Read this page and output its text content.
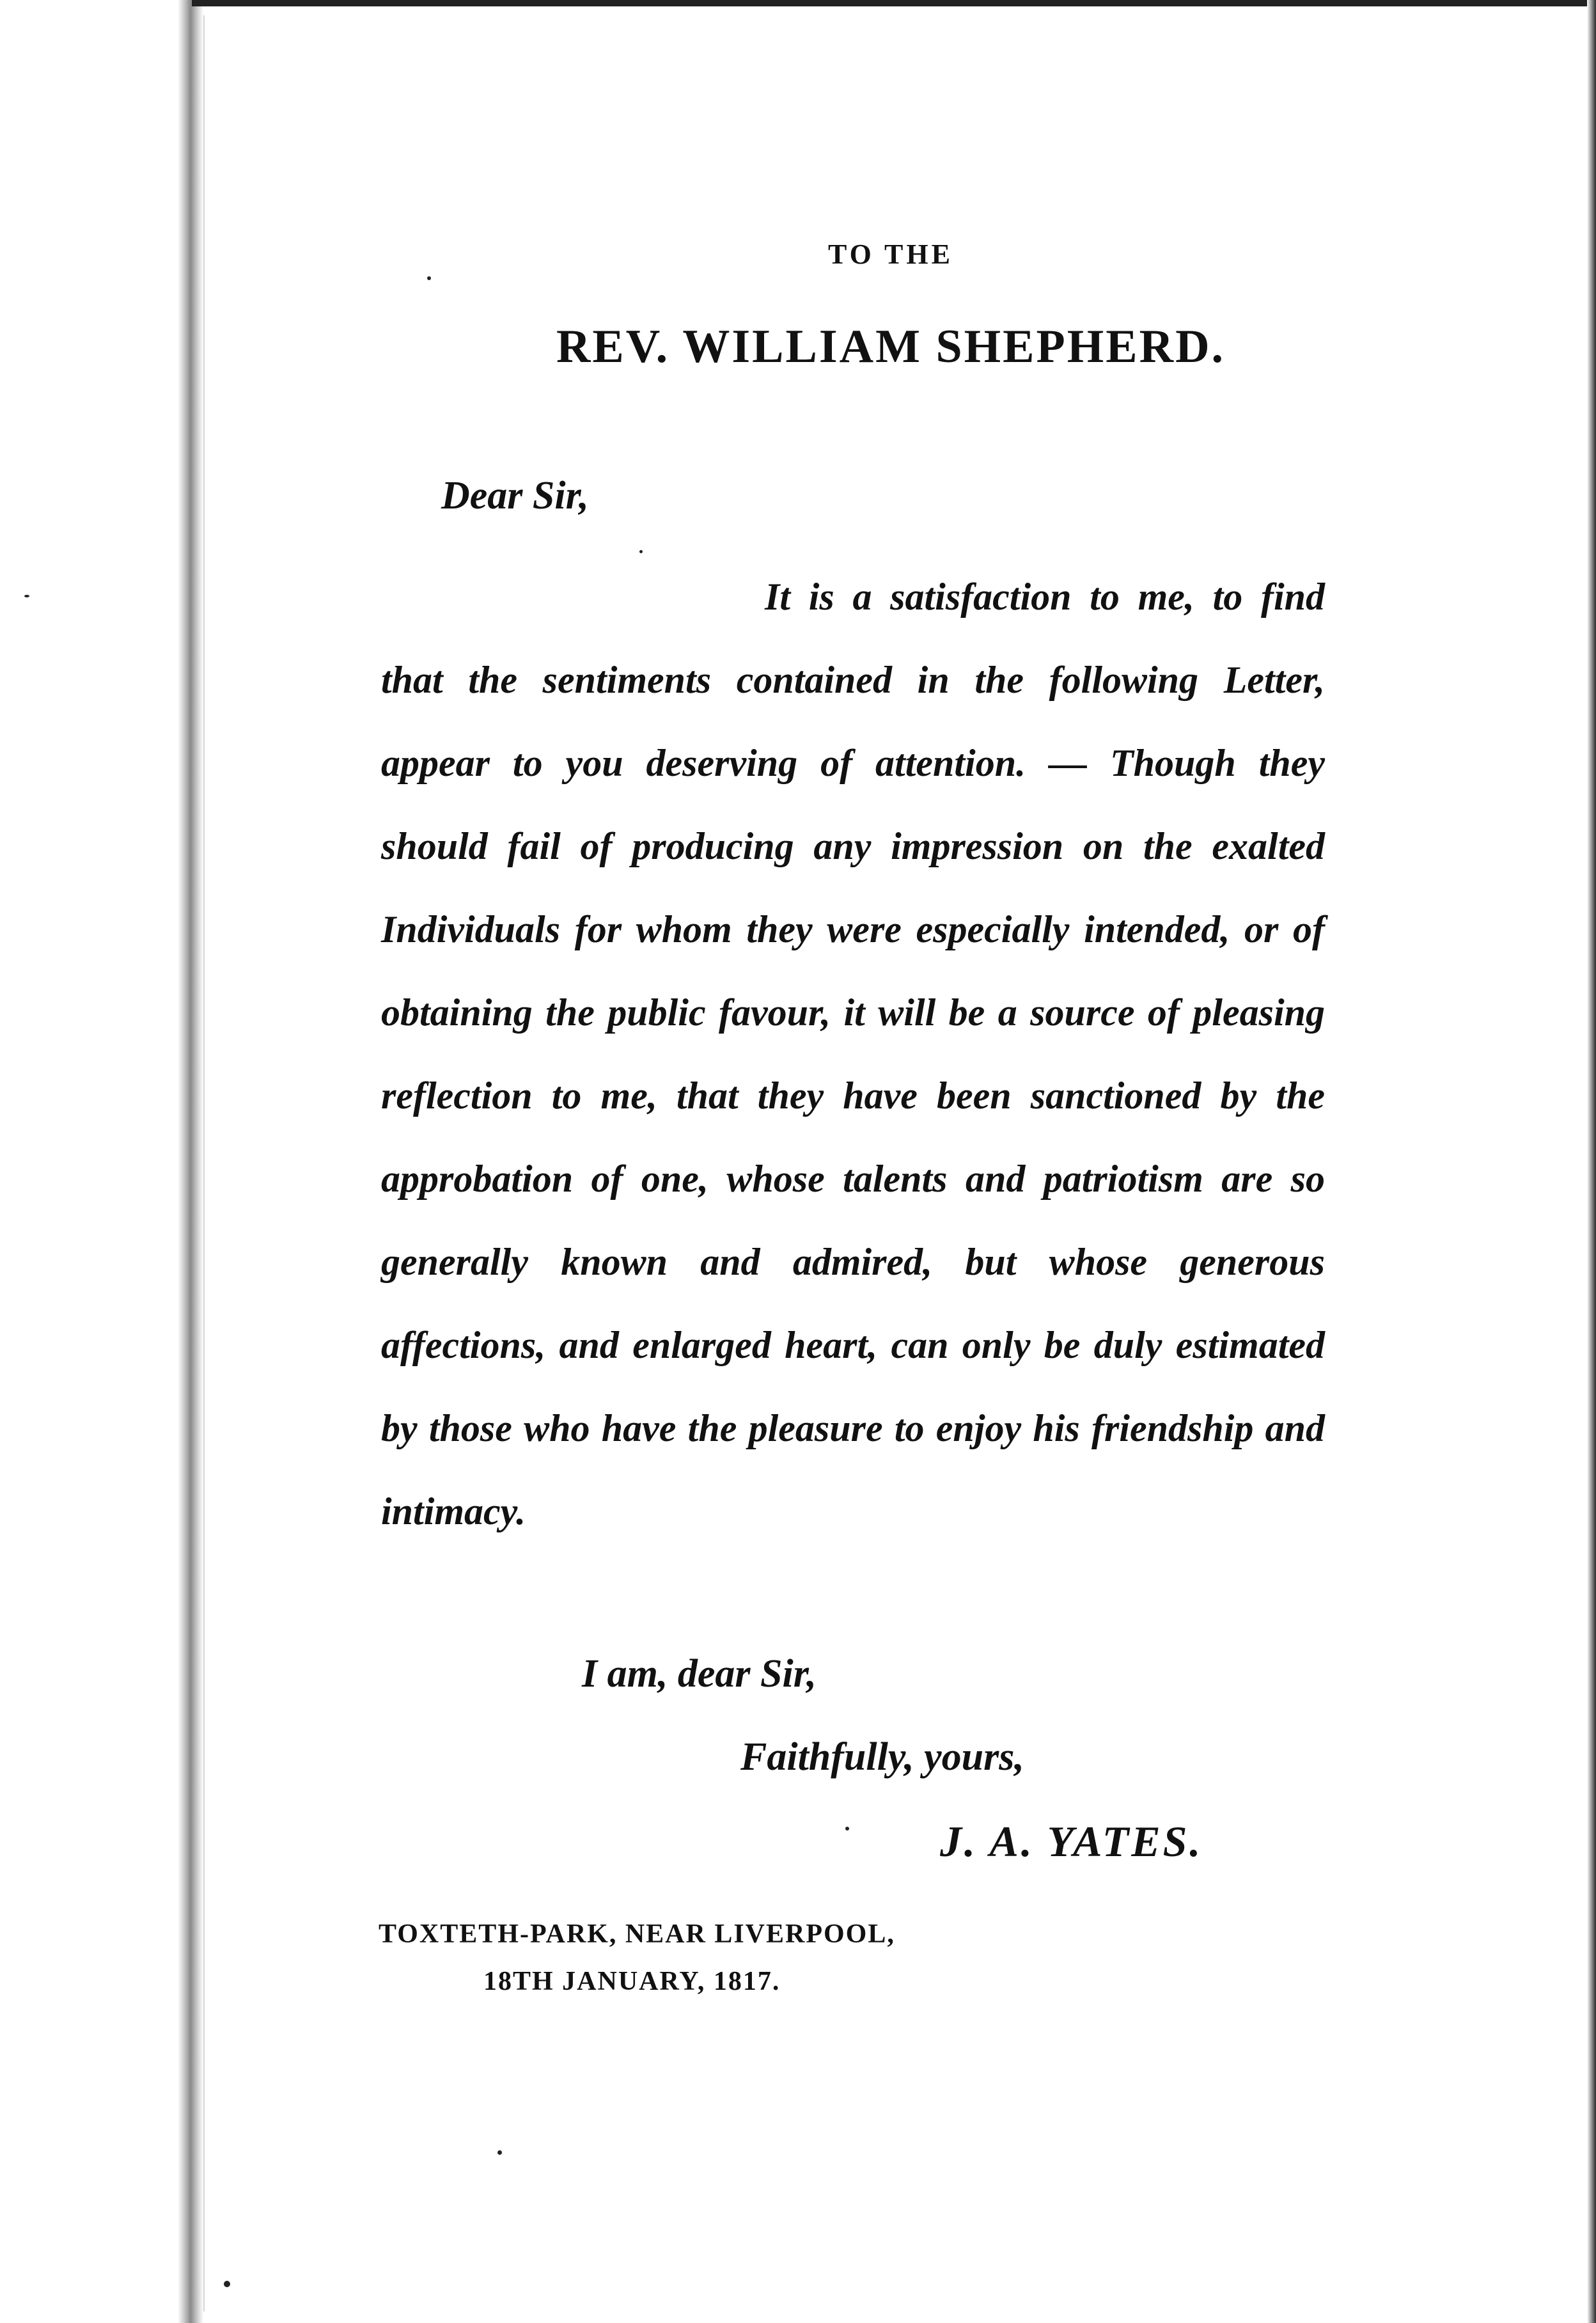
TO THE
REV. WILLIAM SHEPHERD.
Dear Sir,

It is a satisfaction to me, to find that the sentiments contained in the following Letter, appear to you deserving of attention. — Though they should fail of producing any impression on the exalted Individuals for whom they were especially intended, or of obtaining the public favour, it will be a source of pleasing reflection to me, that they have been sanctioned by the approbation of one, whose talents and patriotism are so generally known and admired, but whose generous affections, and enlarged heart, can only be duly estimated by those who have the pleasure to enjoy his friendship and intimacy.

I am, dear Sir,
Faithfully, yours,
J. A. YATES.
TOXTETH-PARK, NEAR LIVERPOOL,
18TH JANUARY, 1817.
